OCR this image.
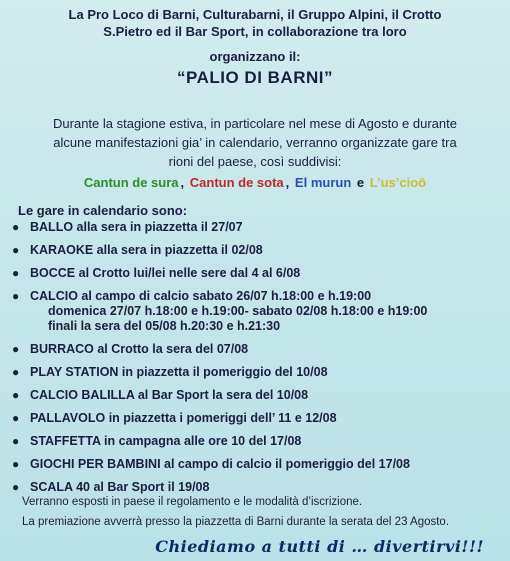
La Pro Loco di Barni, Culturabarni, il Gruppo Alpini, il Crotto
S.Pietro ed il Bar Sport, in collaborazione tra loro
organizzano il:
“PALIO DI BARNI”
Durante la stagione estiva, in particolare nel mese di Agosto e durante
alcune manifestazioni gia’ in calendario, verranno organizzate gare tra
rioni del paese, così suddivisi:
Cantun de sura , Cantun de sota , El murun e L’us’cioö
Le gare in calendario sono:
● BALLO alla sera in piazzetta il 27/07
● KARAOKE alla sera in piazzetta il 02/08
● BOCCE al Crotto lui/lei nelle sere dal 4 al 6/08
● CALCIO al campo di calcio sabato 26/07 h.18:00 e h.19:00
domenica 27/07 h.18:00 e h.19:00- sabato 02/08 h.18:00 e h19:00
finali la sera del 05/08 h.20:30 e h.21:30
● BURRACO al Crotto la sera del 07/08
● PLAY STATION in piazzetta il pomeriggio del 10/08
● CALCIO BALILLA al Bar Sport la sera del 10/08
● PALLAVOLO in piazzetta i pomeriggi dell’ 11 e 12/08
● STAFFETTA in campagna alle ore 10 del 17/08
● GIOCHI PER BAMBINI al campo di calcio il pomeriggio del 17/08
● SCALA 40 al Bar Sport il 19/08
Verranno esposti in paese il regolamento e le modalità d’iscrizione.
La premiazione avverrà presso la piazzetta di Barni durante la serata del 23 Agosto.
Chiediamo a tutti di … divertirvi!!!
